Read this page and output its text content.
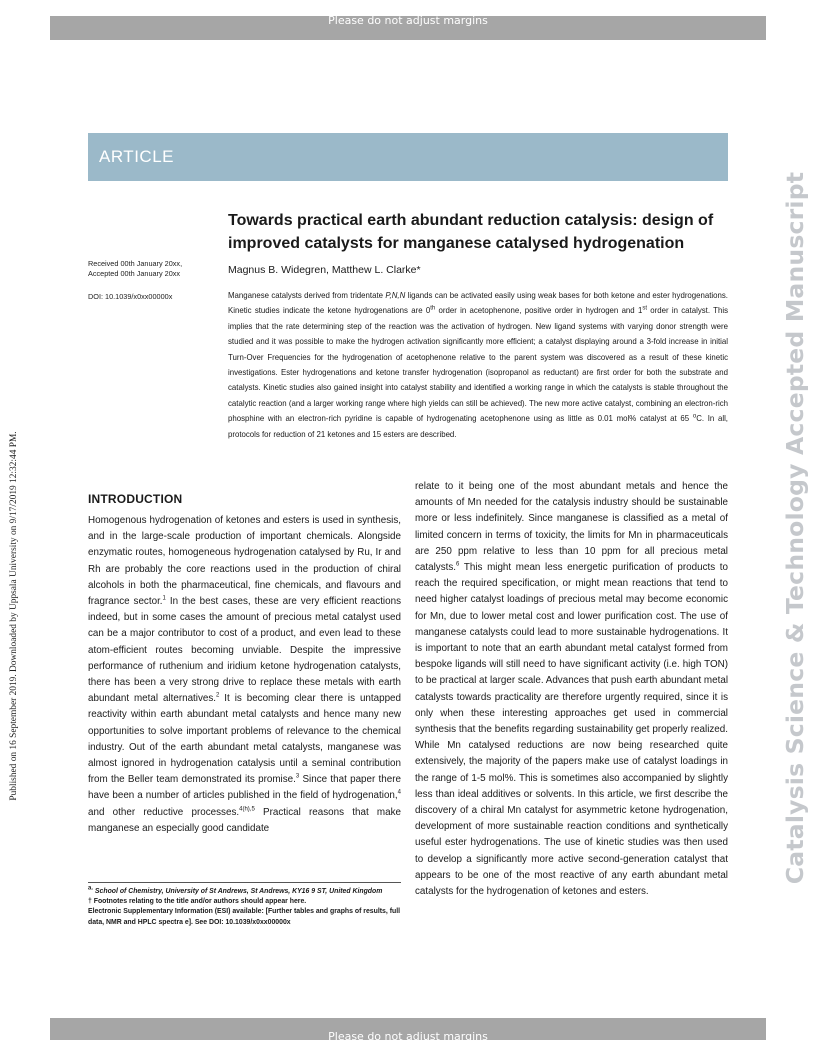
Please do not adjust margins
Published on 16 September 2019. Downloaded by Uppsala University on 9/17/2019 12:32:44 PM.	Catalysis Science & Technology Accepted Manuscript
ARTICLE
Towards practical earth abundant reduction catalysis: design of improved catalysts for manganese catalysed hydrogenation
Received 00th January 20xx,
Accepted 00th January 20xx
DOI: 10.1039/x0xx00000x
Magnus B. Widegren, Matthew L. Clarke*
Manganese catalysts derived from tridentate P,N,N ligands can be activated easily using weak bases for both ketone and ester hydrogenations. Kinetic studies indicate the ketone hydrogenations are 0th order in acetophenone, positive order in hydrogen and 1st order in catalyst. This implies that the rate determining step of the reaction was the activation of hydrogen. New ligand systems with varying donor strength were studied and it was possible to make the hydrogen activation significantly more efficient; a catalyst displaying around a 3-fold increase in initial Turn-Over Frequencies for the hydrogenation of acetophenone relative to the parent system was discovered as a result of these kinetic investigations. Ester hydrogenations and ketone transfer hydrogenation (isopropanol as reductant) are first order for both the substrate and catalysts. Kinetic studies also gained insight into catalyst stability and identified a working range in which the catalysts is stable throughout the catalytic reaction (and a larger working range where high yields can still be achieved). The new more active catalyst, combining an electron-rich phosphine with an electron-rich pyridine is capable of hydrogenating acetophenone using as little as 0.01 mol% catalyst at 65 $^o$C. In all, protocols for reduction of 21 ketones and 15 esters are described.
INTRODUCTION
Homogenous hydrogenation of ketones and esters is used in synthesis, and in the large-scale production of important chemicals. Alongside enzymatic routes, homogeneous hydrogenation catalysed by Ru, Ir and Rh are probably the core reactions used in the production of chiral alcohols in both the pharmaceutical, fine chemicals, and flavours and fragrance sector.$^1$ In the best cases, these are very efficient reactions indeed, but in some cases the amount of precious metal catalyst used can be a major contributor to cost of a product, and even lead to these atom-efficient routes becoming unviable. Despite the impressive performance of ruthenium and iridium ketone hydrogenation catalysts, there has been a very strong drive to replace these metals with earth abundant metal alternatives.$^2$ It is becoming clear there is untapped reactivity within earth abundant metal catalysts and hence many new opportunities to solve important problems of relevance to the chemical industry. Out of the earth abundant metal catalysts, manganese was almost ignored in hydrogenation catalysis until a seminal contribution from the Beller team demonstrated its promise.$^3$ Since that paper there have been a number of articles published in the field of hydrogenation,$^4$ and other reductive processes.$^{4(h),5}$ Practical reasons that make manganese an especially good candidate
relate to it being one of the most abundant metals and hence the amounts of Mn needed for the catalysis industry should be sustainable more or less indefinitely. Since manganese is classified as a metal of limited concern in terms of toxicity, the limits for Mn in pharmaceuticals are 250 ppm relative to less than 10 ppm for all precious metal catalysts.$^6$ This might mean less energetic purification of products to reach the required specification, or might mean reactions that tend to need higher catalyst loadings of precious metal may become economic for Mn, due to lower metal cost and lower purification cost. The use of manganese catalysts could lead to more sustainable hydrogenations. It is important to note that an earth abundant metal catalyst formed from bespoke ligands will still need to have significant activity (i.e. high TON) to be practical at larger scale. Advances that push earth abundant metal catalysts towards practicality are therefore urgently required, since it is only when these interesting approaches get used in commercial synthesis that the benefits regarding sustainability get properly realized. While Mn catalysed reductions are now being researched quite extensively, the majority of the papers make use of catalyst loadings in the range of 1-5 mol%. This is sometimes also accompanied by slightly less than ideal additives or solvents. In this article, we first describe the discovery of a chiral Mn catalyst for asymmetric ketone hydrogenation, development of more sustainable reaction conditions and synthetically useful ester hydrogenations. The use of kinetic studies was then used to develop a significantly more active second-generation catalyst that appears to be one of the most reactive of any earth abundant metal catalysts for the hydrogenation of ketones and esters.
$^{a.}$ School of Chemistry, University of St Andrews, St Andrews, KY16 9 ST, United Kingdom
† Footnotes relating to the title and/or authors should appear here.
Electronic Supplementary Information (ESI) available: [Further tables and graphs of results, full data, NMR and HPLC spectra e]. See DOI: 10.1039/x0xx00000x
Please do not adjust margins
